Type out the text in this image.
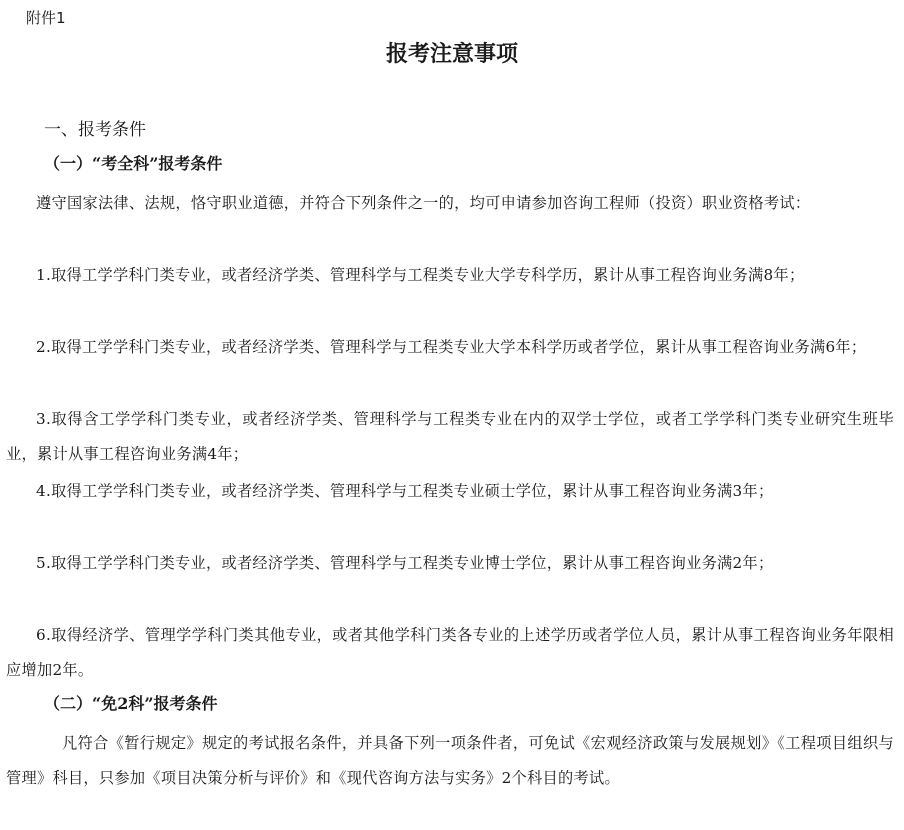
附件1
报考注意事项
一、报考条件
（一）“考全科”报考条件

遵守国家法律、法规，恪守职业道德，并符合下列条件之一的，均可申请参加咨询工程师（投资）职业资格考试：

1.取得工学学科门类专业，或者经济学类、管理科学与工程类专业大学专科学历，累计从事工程咨询业务满8年；

2.取得工学学科门类专业，或者经济学类、管理科学与工程类专业大学本科学历或者学位，累计从事工程咨询业务满6年；

3.取得含工学学科门类专业，或者经济学类、管理科学与工程类专业在内的双学士学位，或者工学学科门类专业研究生班毕业，累计从事工程咨询业务满4年；

4.取得工学学科门类专业，或者经济学类、管理科学与工程类专业硕士学位，累计从事工程咨询业务满3年；

5.取得工学学科门类专业，或者经济学类、管理科学与工程类专业博士学位，累计从事工程咨询业务满2年；

6.取得经济学、管理学学科门类其他专业，或者其他学科门类各专业的上述学历或者学位人员，累计从事工程咨询业务年限相应增加2年。

（二）“免2科”报考条件

凡符合《暂行规定》规定的考试报名条件，并具备下列一项条件者，可免试《宏观经济政策与发展规划》《工程项目组织与管理》科目，只参加《项目决策分析与评价》和《现代咨询方法与实务》2个科目的考试。
